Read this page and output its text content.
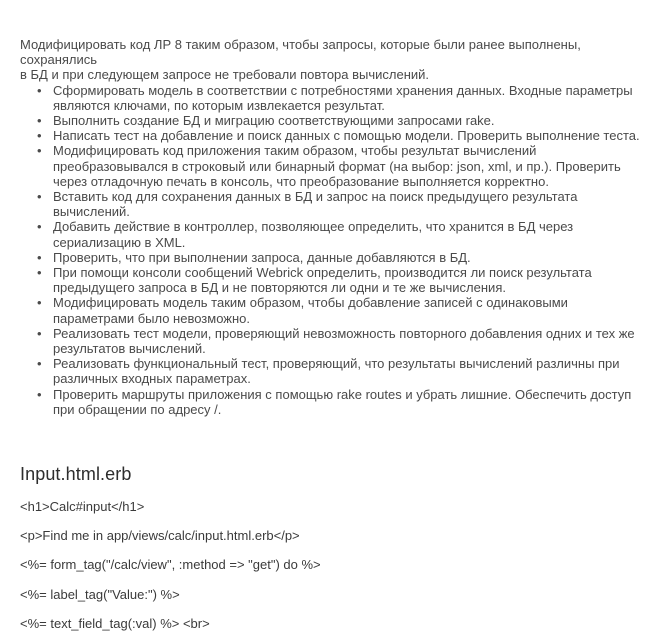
Модифицировать код ЛР 8 таким образом, чтобы запросы, которые были ранее выполнены, сохранялись
в БД и при следующем запросе не требовали повтора вычислений.

• Сформировать модель в соответствии с потребностями хранения данных. Входные параметры
являются ключами, по которым извлекается результат.
• Выполнить создание БД и миграцию соответствующими запросами rake.
• Написать тест на добавление и поиск данных с помощью модели. Проверить выполнение теста.
• Модифицировать код приложения таким образом, чтобы результат вычислений
преобразовывался в строковый или бинарный формат (на выбор: json, xml, и пр.). Проверить
через отладочную печать в консоль, что преобразование выполняется корректно.
• Вставить код для сохранения данных в БД и запрос на поиск предыдущего результата
вычислений.
• Добавить действие в контроллер, позволяющее определить, что хранится в БД через
сериализацию в XML.
• Проверить, что при выполнении запроса, данные добавляются в БД.
• При помощи консоли сообщений Webrick определить, производится ли поиск результата
предыдущего запроса в БД и не повторяются ли одни и те же вычисления.
• Модифицировать модель таким образом, чтобы добавление записей с одинаковыми
параметрами было невозможно.
• Реализовать тест модели, проверяющий невозможность повторного добавления одних и тех же
результатов вычислений.
• Реализовать функциональный тест, проверяющий, что результаты вычислений различны при
различных входных параметрах.
• Проверить маршруты приложения с помощью rake routes и убрать лишние. Обеспечить доступ
при обращении по адресу /.
Input.html.erb

<h1>Calc#input</h1>

<p>Find me in app/views/calc/input.html.erb</p>

<%= form_tag("/calc/view", :method => "get") do %>

<%= label_tag("Value:") %>

<%= text_field_tag(:val) %> <br>
